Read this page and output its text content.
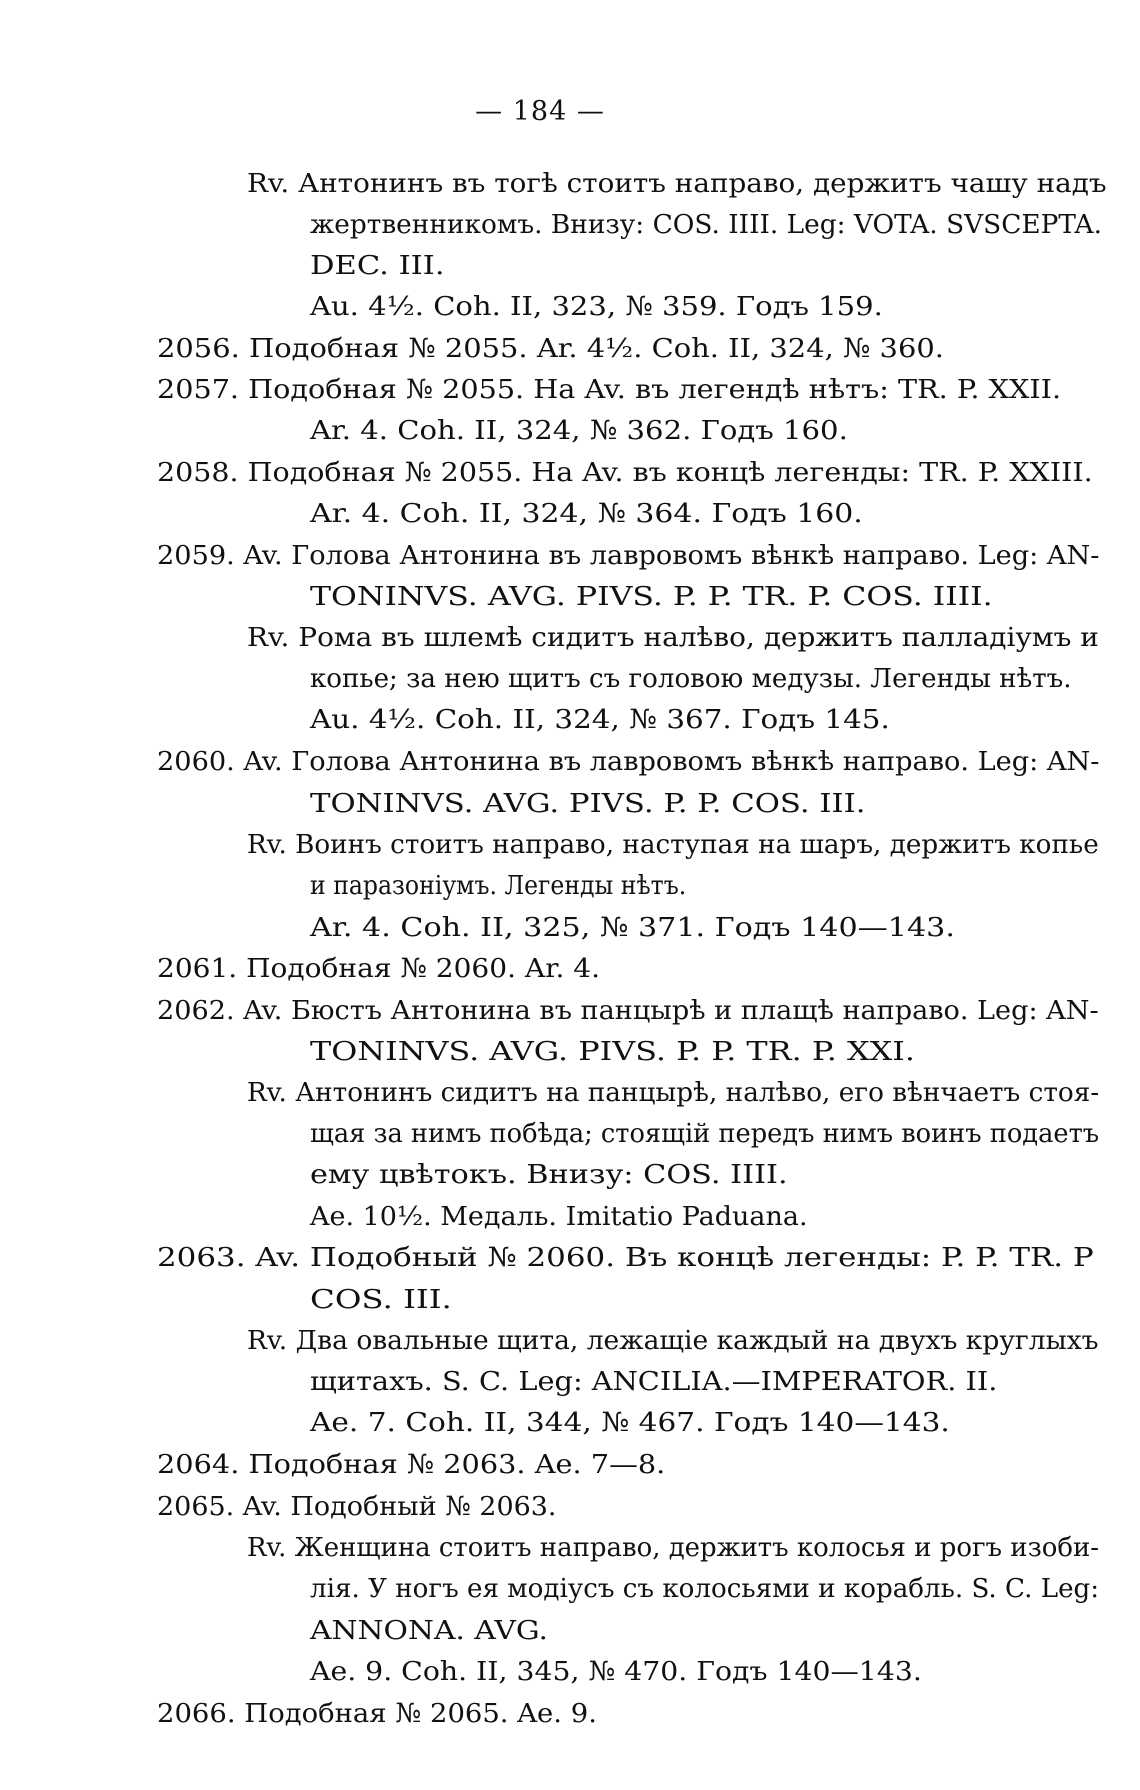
— 184 —
Rv. Антонинъ въ тогѣ стоитъ направо, держитъ чашу надъ
жертвенникомъ. Внизу: COS. IIII. Leg: VOTA. SVSCEPTA.
DEC. III.
Au. 4½. Coh. II, 323, № 359. Годъ 159.
2056. Подобная № 2055. Ar. 4½. Coh. II, 324, № 360.
2057. Подобная № 2055. На Av. въ легендѣ нѣтъ: TR. P. XXII.
Ar. 4. Coh. II, 324, № 362. Годъ 160.
2058. Подобная № 2055. На Av. въ концѣ легенды: TR. P. XXIII.
Ar. 4. Coh. II, 324, № 364. Годъ 160.
2059. Av. Голова Антонина въ лавровомъ вѣнкѣ направо. Leg: AN-
TONINVS. AVG. PIVS. P. P. TR. P. COS. IIII.
Rv. Рома въ шлемѣ сидитъ налѣво, держитъ палладіумъ и
копье; за нею щитъ съ головою медузы. Легенды нѣтъ.
Au. 4½. Coh. II, 324, № 367. Годъ 145.
2060. Av. Голова Антонина въ лавровомъ вѣнкѣ направо. Leg: AN-
TONINVS. AVG. PIVS. P. P. COS. III.
Rv. Воинъ стоитъ направо, наступая на шаръ, держитъ копье
и паразоніумъ. Легенды нѣтъ.
Ar. 4. Coh. II, 325, № 371. Годъ 140—143.
2061. Подобная № 2060. Ar. 4.
2062. Av. Бюстъ Антонина въ панцырѣ и плащѣ направо. Leg: AN-
TONINVS. AVG. PIVS. P. P. TR. P. XXI.
Rv. Антонинъ сидитъ на панцырѣ, налѣво, его вѣнчаетъ стоя-
щая за нимъ побѣда; стоящій передъ нимъ воинъ подаетъ
ему цвѣтокъ. Внизу: COS. IIII.
Ae. 10½. Медаль. Imitatio Paduana.
2063. Av. Подобный № 2060. Въ концѣ легенды: P. P. TR. P
COS. III.
Rv. Два овальные щита, лежащіе каждый на двухъ круглыхъ
щитахъ. S. C. Leg: ANCILIA.—IMPERATOR. II.
Ae. 7. Coh. II, 344, № 467. Годъ 140—143.
2064. Подобная № 2063. Ae. 7—8.
2065. Av. Подобный № 2063.
Rv. Женщина стоитъ направо, держитъ колосья и рогъ изоби-
лія. У ногъ ея модіусъ съ колосьями и корабль. S. C. Leg:
ANNONA. AVG.
Ae. 9. Coh. II, 345, № 470. Годъ 140—143.
2066. Подобная № 2065. Ae. 9.
